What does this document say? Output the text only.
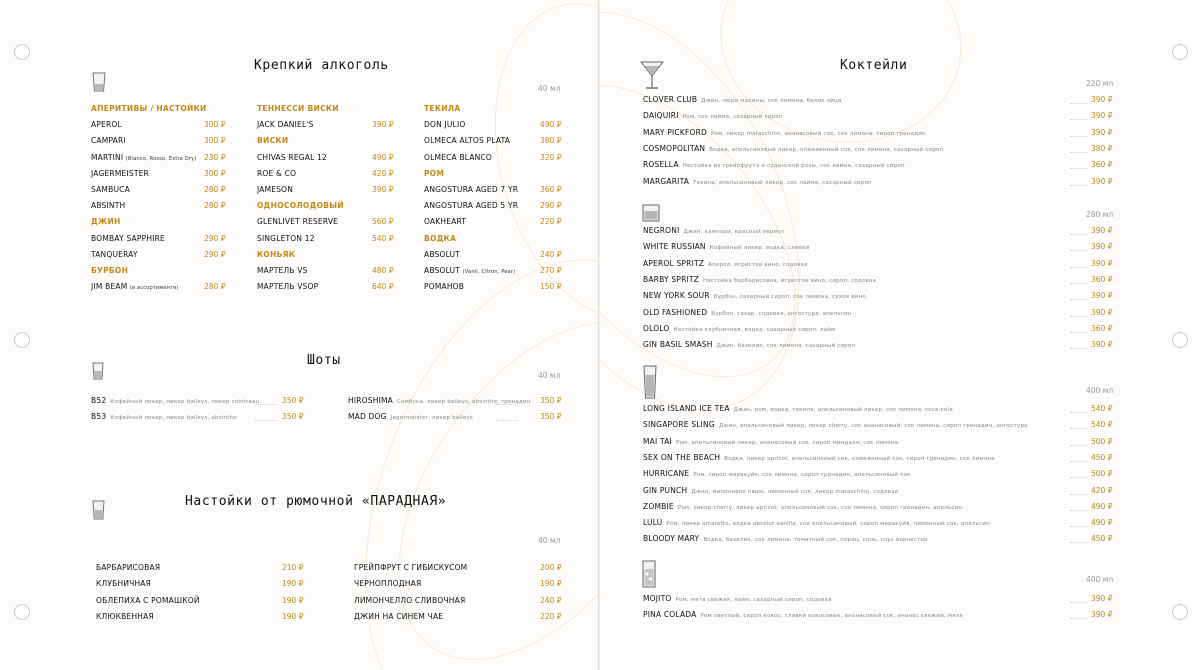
Крепкий алкоголь
40 мл
АПЕРИТИВЫ / НАСТОЙКИ
APEROL	300 ₽
CAMPARI	300 ₽
MARTINI (Bianco, Rosso, Extra Dry) 230 ₽
JAGERMEISTER	300 ₽
SAMBUCA	280 ₽
ABSINTH	280 ₽
ДЖИН
BOMBAY SAPPHIRE	290 ₽
TANQUERAY	290 ₽
БУРБОН
JIM BEAM (в ассортименте)	280 ₽
ТЕННЕССИ ВИСКИ
JACK DANIEL'S	390 ₽
ВИСКИ
CHIVAS REGAL 12	490 ₽
ROE & CO	420 ₽
JAMESON	390 ₽
ОДНОСОЛОДОВЫЙ
GLENLIVET RESERVE	560 ₽
SINGLETON 12	540 ₽
КОНЬЯК
МАРТЕЛЬ VS	480 ₽
МАРТЕЛЬ VSOP	640 ₽
ТЕКИЛА
DON JULIO	490 ₽
OLMECA ALTOS PLATA	380 ₽
OLMECA BLANCO	320 ₽
РОМ
ANGOSTURA AGED 7 YR	360 ₽
ANGOSTURA AGED 5 YR	290 ₽
OAKHEART	220 ₽
ВОДКА
ABSOLUT	240 ₽
ABSOLUT (Vanil, Citron, Pear)	270 ₽
РОМАНОВ	150 ₽
Шоты
40 мл
B52 Кофейный ликер, ликер baileys, ликер cointreau	350 ₽
B53 Кофейный ликер, ликер baileys, absinthe	350 ₽
HIROSHIMA Самбука, ликер baileys, absinthe, гренадин 350 ₽
MAD DOG Jagermeister, ликер baileys	350 ₽
Настойки от рюмочной «ПАРАДНАЯ»
40 мл
БАРБАРИСОВАЯ	210 ₽
КЛУБНИЧНАЯ	190 ₽
ОБЛЕПИХА С РОМАШКОЙ	190 ₽
КЛЮКВЕННАЯ	190 ₽
ГРЕЙПФРУТ С ГИБИСКУСОМ	200 ₽
ЧЕРНОПЛОДНАЯ	190 ₽
ЛИМОНЧЕЛЛО СЛИВОЧНАЯ	240 ₽
ДЖИН НА СИНЕМ ЧАЕ	220 ₽
Коктейли
220 мл
CLOVER CLUB Джин, пюре малины, сок лимона, белок яйца	390 ₽
DAIQUIRI Ром, сок лайма, сахарный сироп	390 ₽
MARY PICKFORD Ром, ликер maraschino, ананасовый сок, сок лимона, сироп гренадин	390 ₽
COSMOPOLITAN Водка, апельсиновый ликер, клюквенный сок, сок лимона, сахарный сироп	380 ₽
ROSELLA Настойка из грейпфрута и суданской розы, сок лайма, сахарный сироп	360 ₽
MARGARITA Текила, апельсиновый ликер, сок лайма, сахарный сироп	390 ₽
280 мл
NEGRONI Джин, кампари, красный вермут	390 ₽
WHITE RUSSIAN Кофейный ликер, водка, сливки	390 ₽
APEROL SPRITZ Аперол, игристое вино, содовая	390 ₽
BARBY SPRITZ Настойка барбарисовая, игристое вино, сироп, содовая	360 ₽
NEW YORK SOUR Бурбон, сахарный сироп, сок лимона, сухое вино	390 ₽
OLD FASHIONED Бурбон, сахар, содовая, ангостура, апельсин	390 ₽
OLOLO Настойка клубничная, водка, сахарный сироп, лайм	360 ₽
GIN BASIL SMASH Джин, базилик, сок лимона, сахарный сироп	390 ₽
400 мл
LONG ISLAND ICE TEA Джин, ром, водка, текила, апельсиновый ликер, сок лимона, coca-cola	540 ₽
SINGAPORE SLING Джин, апельсиновый ликер, ликер cherry, сок ананасовый, сок лимона, сироп гренадин, ангостура	540 ₽
MAI TAI Ром, апельсиновый ликер, ананасовый сок, сироп миндаля, сок лимона	500 ₽
SEX ON THE BEACH Водка, ликер apricot, апельсиновый сок, клюквенный сок, сироп гренадин, сок лимона	450 ₽
HURRICANE Ром, сироп маракуйя, сок лимона, сироп гренадин, апельсиновый сок	500 ₽
GIN PUNCH Джин, малиновое пюре, лимонный сок, ликер maraschino, содовая	420 ₽
ZOMBIE Ром, ликер cherry, ликер apricot, апельсиновый сок, сок лимона, сироп гренадин, апельсин	490 ₽
LULU Ром, ликер amaretto, водка absolut vanilla, сок апельсиновый, сироп маракуйя, лимонный сок, апельсин	490 ₽
BLOODY MARY Водка, базилик, сок лимона, томатный сок, перец, соль, соус ворчестер	450 ₽
400 мл
MOJITO Ром, мята свежая, лайм, сахарный сироп, содовая	390 ₽
PINA COLADA Ром светлый, сироп кокос, сливки кокосовые, ананасовый сок, ананас свежий, мята	390 ₽
